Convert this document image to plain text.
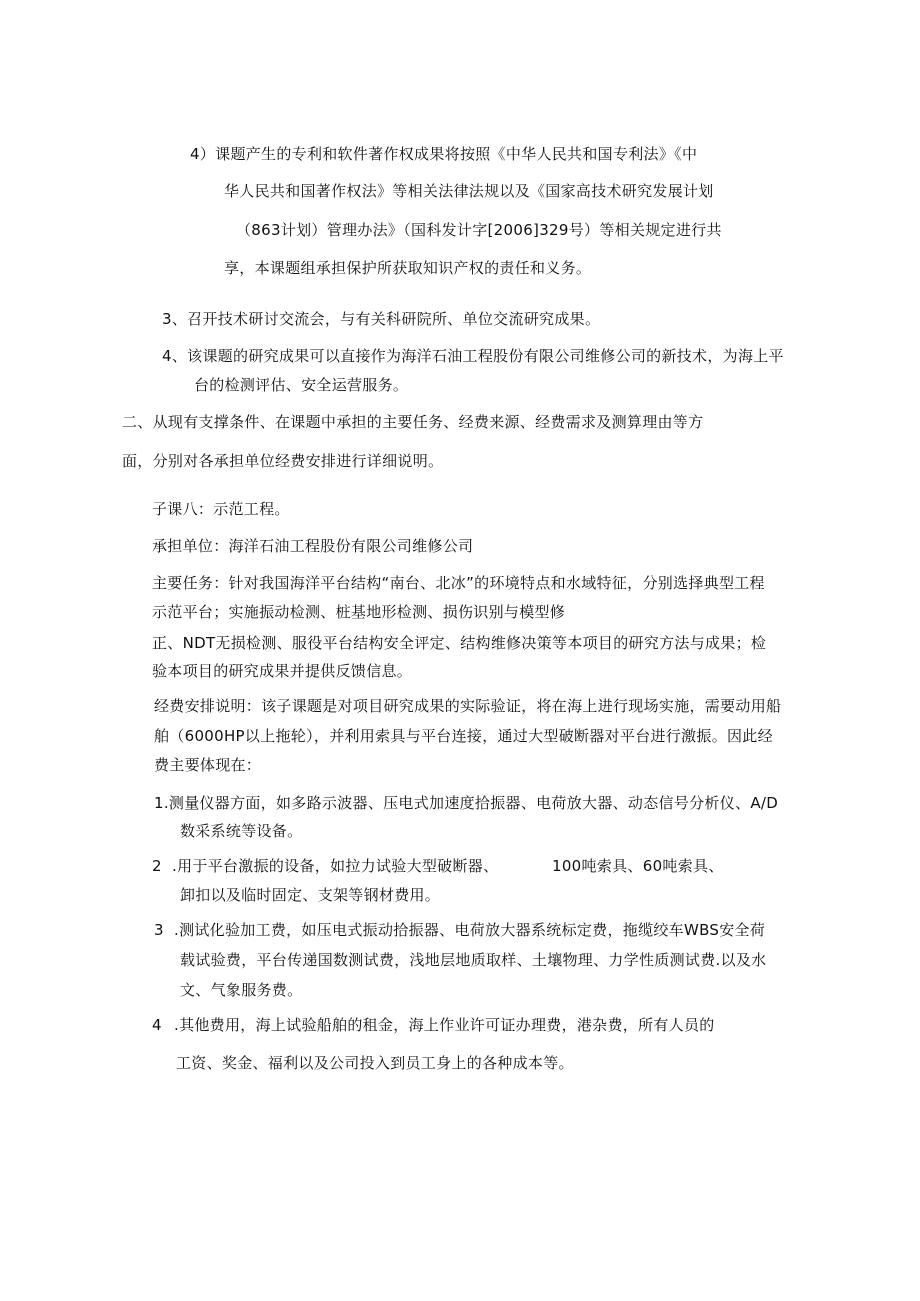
4）课题产生的专利和软件著作权成果将按照《中华人民共和国专利法》《中
华人民共和国著作权法》等相关法律法规以及《国家高技术研究发展计划
（863计划）管理办法》（国科发计字[2006]329号）等相关规定进行共
享，本课题组承担保护所获取知识产权的责任和义务。
3、召开技术研讨交流会，与有关科研院所、单位交流研究成果。
4、该课题的研究成果可以直接作为海洋石油工程股份有限公司维修公司的新技术，为海上平
台的检测评估、安全运营服务。
二、从现有支撑条件、在课题中承担的主要任务、经费来源、经费需求及测算理由等方
面，分别对各承担单位经费安排进行详细说明。
子课八：示范工程。
承担单位：海洋石油工程股份有限公司维修公司
主要任务：针对我国海洋平台结构“南台、北冰”的环境特点和水域特征，分别选择典型工程
示范平台；实施振动检测、桩基地形检测、损伤识别与模型修
正、NDT无损检测、服役平台结构安全评定、结构维修决策等本项目的研究方法与成果；检
验本项目的研究成果并提供反馈信息。
经费安排说明：该子课题是对项目研究成果的实际验证，将在海上进行现场实施，需要动用船
舶（6000HP以上拖轮），并利用索具与平台连接，通过大型破断器对平台进行激振。因此经
费主要体现在：
1.测量仪器方面，如多路示波器、压电式加速度拾振器、电荷放大器、动态信号分析仪、A/D
数采系统等设备。
2 .用于平台激振的设备，如拉力试验大型破断器、	100吨索具、60吨索具、
卸扣以及临时固定、支架等钢材费用。
3 .测试化验加工费，如压电式振动拾振器、电荷放大器系统标定费，拖缆绞车WBS安全荷
载试验费，平台传递国数测试费，浅地层地质取样、土壤物理、力学性质测试费.以及水
文、气象服务费。
4 .其他费用，海上试验船舶的租金，海上作业许可证办理费，港杂费，所有人员的
工资、奖金、福利以及公司投入到员工身上的各种成本等。
